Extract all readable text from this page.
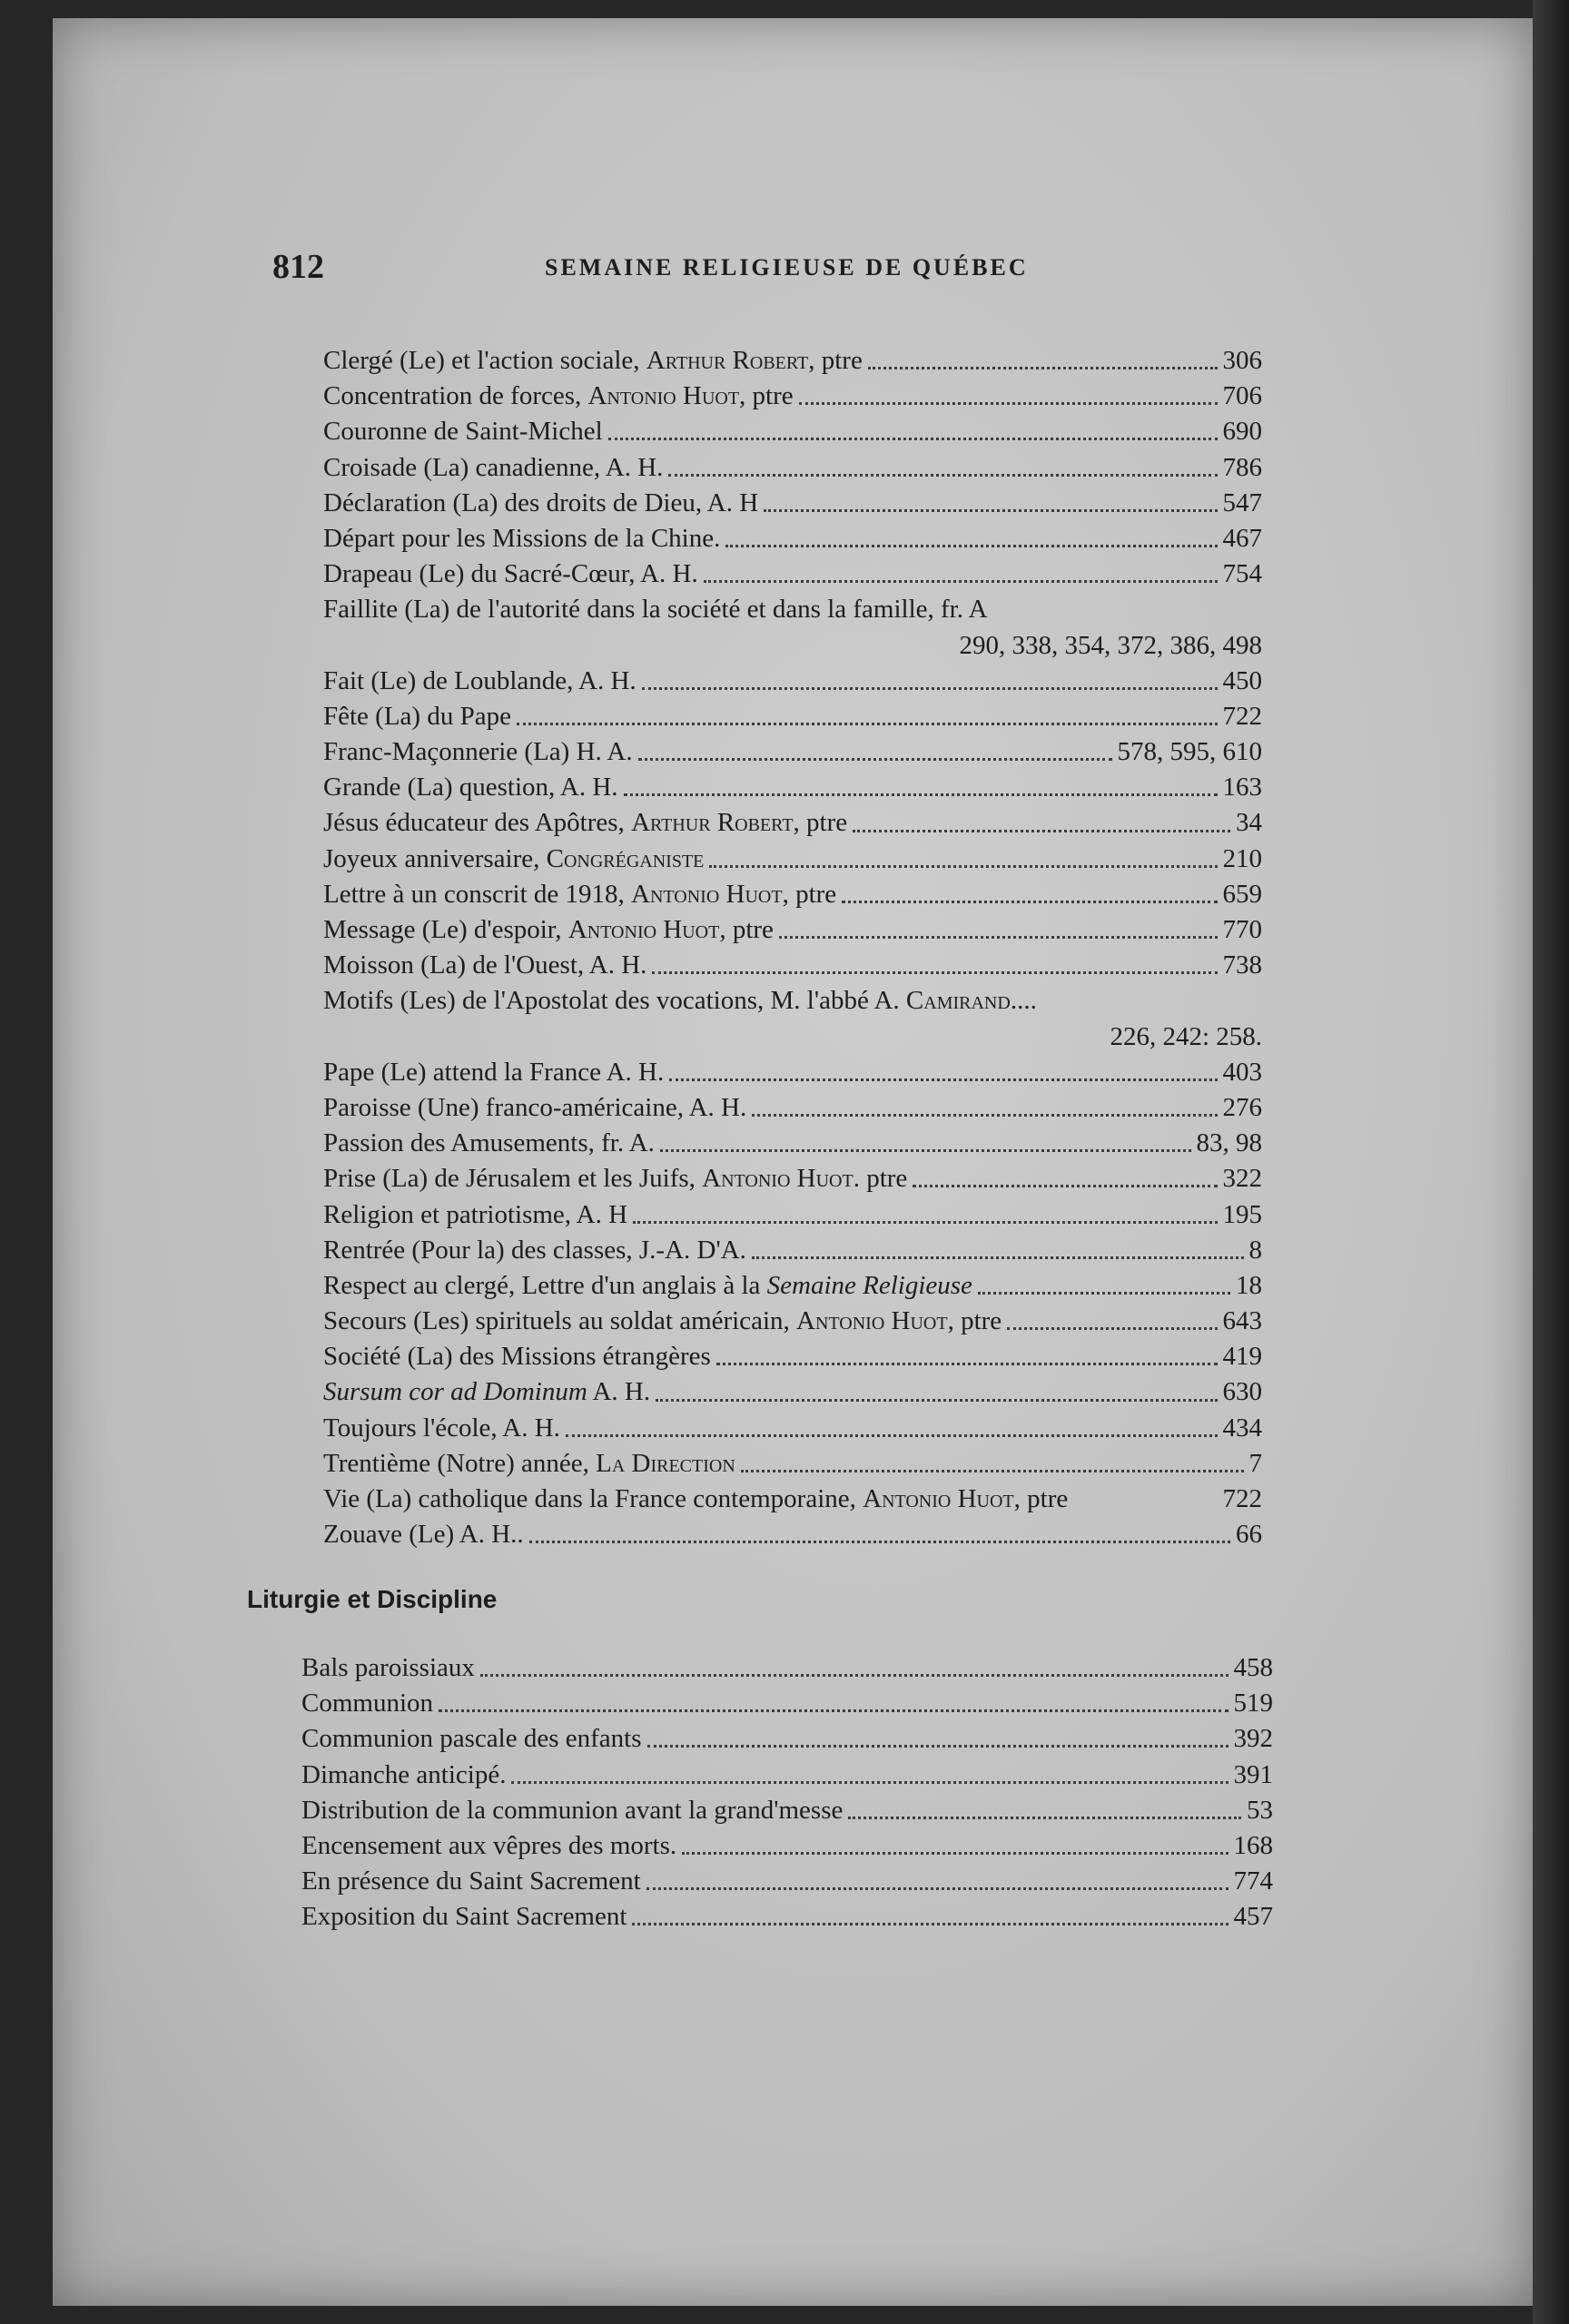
812	SEMAINE RELIGIEUSE DE QUÉBEC
Clergé (Le) et l'action sociale, Arthur Robert, ptre	306
Concentration de forces, Antonio Huot, ptre	706
Couronne de Saint-Michel	690
Croisade (La) canadienne, A. H.	786
Déclaration (La) des droits de Dieu, A. H	547
Départ pour les Missions de la Chine.	467
Drapeau (Le) du Sacré-Cœur, A. H.	754
Faillite (La) de l'autorité dans la société et dans la famille, fr. A
290, 338, 354, 372, 386, 498
Fait (Le) de Loublande, A. H.	450
Fête (La) du Pape	722
Franc-Maçonnerie (La) H. A.	578, 595, 610
Grande (La) question, A. H.	163
Jésus éducateur des Apôtres, Arthur Robert, ptre	34
Joyeux anniversaire, Congréganiste	210
Lettre à un conscrit de 1918, Antonio Huot, ptre	659
Message (Le) d'espoir, Antonio Huot, ptre	770
Moisson (La) de l'Ouest, A. H.	738
Motifs (Les) de l'Apostolat des vocations, M. l'abbé A. Camirand....
226, 242: 258.
Pape (Le) attend la France A. H.	403
Paroisse (Une) franco-américaine, A. H.	276
Passion des Amusements, fr. A.	83, 98
Prise (La) de Jérusalem et les Juifs, Antonio Huot. ptre	322
Religion et patriotisme, A. H	195
Rentrée (Pour la) des classes, J.-A. D'A.	8
Respect au clergé, Lettre d'un anglais à la Semaine Religieuse	18
Secours (Les) spirituels au soldat américain, Antonio Huot, ptre	643
Société (La) des Missions étrangères	419
Sursum cor ad Dominum A. H.	630
Toujours l'école, A. H.	434
Trentième (Notre) année, La Direction	7
Vie (La) catholique dans la France contemporaine, Antonio Huot, ptre	722
Zouave (Le) A. H..	66
Liturgie et Discipline
Bals paroissiaux	458
Communion	519
Communion pascale des enfants	392
Dimanche anticipé.	391
Distribution de la communion avant la grand'messe	53
Encensement aux vêpres des morts.	168
En présence du Saint Sacrement	774
Exposition du Saint Sacrement	457
